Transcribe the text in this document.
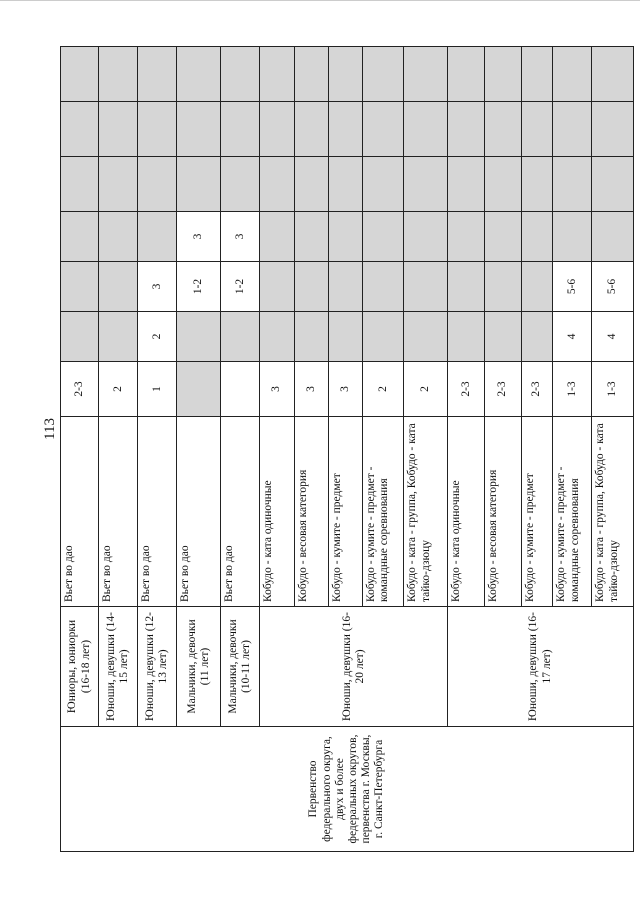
113
Первенство федерального округа, двух и более федеральных округов, первенства г. Москвы, г. Санкт-Петербурга	Юниоры, юниорки (16-18 лет)	Вьет во дао	2-3						
	Юноши, девушки (14-15 лет)	Вьет во дао	2						
	Юноши, девушки (12-13 лет)	Вьет во дао	1	2	3				
	Мальчики, девочки (11 лет)	Вьет во дао			1-2	3			
	Мальчики, девочки (10-11 лет)	Вьет во дао			1-2	3			
	Юноши, девушки (16-20 лет)	Кобудо - ката одиночные	3						
		Кобудо - весовая категория	3						
		Кобудо - кумите - предмет	3						
		Кобудо - кумите - предмет - командные соревнования	2						
		Кобудо - ката - группа, Кобудо - ката тайко-дзюцу	2						
	Юноши, девушки (16-17 лет)	Кобудо - ката одиночные	2-3						
		Кобудо - весовая категория	2-3						
		Кобудо - кумите - предмет	2-3						
		Кобудо - кумите - предмет - командные соревнования	1-3	4	5-6				
		Кобудо - ката - группа, Кобудо - ката тайко-дзюцу	1-3	4	5-6				
